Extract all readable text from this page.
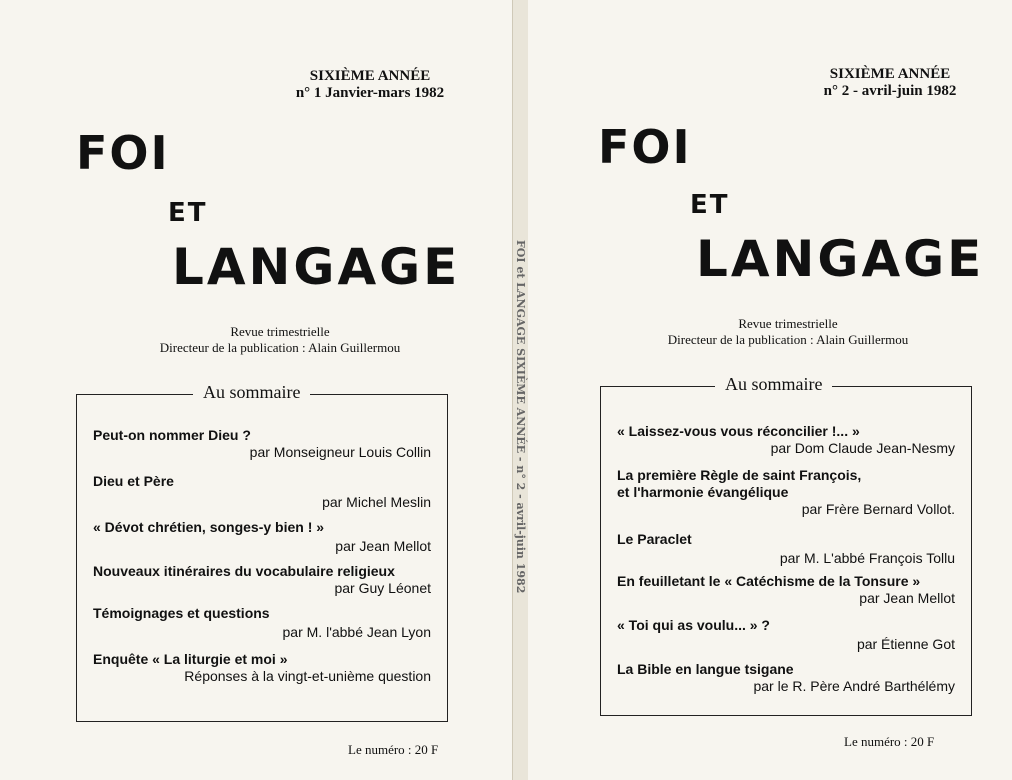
SIXIÈME ANNÉE
n° 1 Janvier-mars 1982
FOI
ET
LANGAGE
Revue trimestrielle
Directeur de la publication : Alain Guillermou
Au sommaire
Peut-on nommer Dieu ?
par Monseigneur Louis Collin
Dieu et Père
par Michel Meslin
« Dévot chrétien, songes-y bien ! »
par Jean Mellot
Nouveaux itinéraires du vocabulaire religieux
par Guy Léonet
Témoignages et questions
par M. l'abbé Jean Lyon
Enquête « La liturgie et moi »
Réponses à la vingt-et-unième question
Le numéro : 20 F
FOI et LANGAGE SIXIÈME ANNÉE - n° 2 - avril-juin 1982
SIXIÈME ANNÉE
n° 2 - avril-juin 1982
FOI
ET
LANGAGE
Revue trimestrielle
Directeur de la publication : Alain Guillermou
Au sommaire
« Laissez-vous vous réconcilier !... »
par Dom Claude Jean-Nesmy
La première Règle de saint François,
et l'harmonie évangélique
par Frère Bernard Vollot.
Le Paraclet
par M. L'abbé François Tollu
En feuilletant le « Catéchisme de la Tonsure »
par Jean Mellot
« Toi qui as voulu... » ?
par Étienne Got
La Bible en langue tsigane
par le R. Père André Barthélémy
Le numéro : 20 F
